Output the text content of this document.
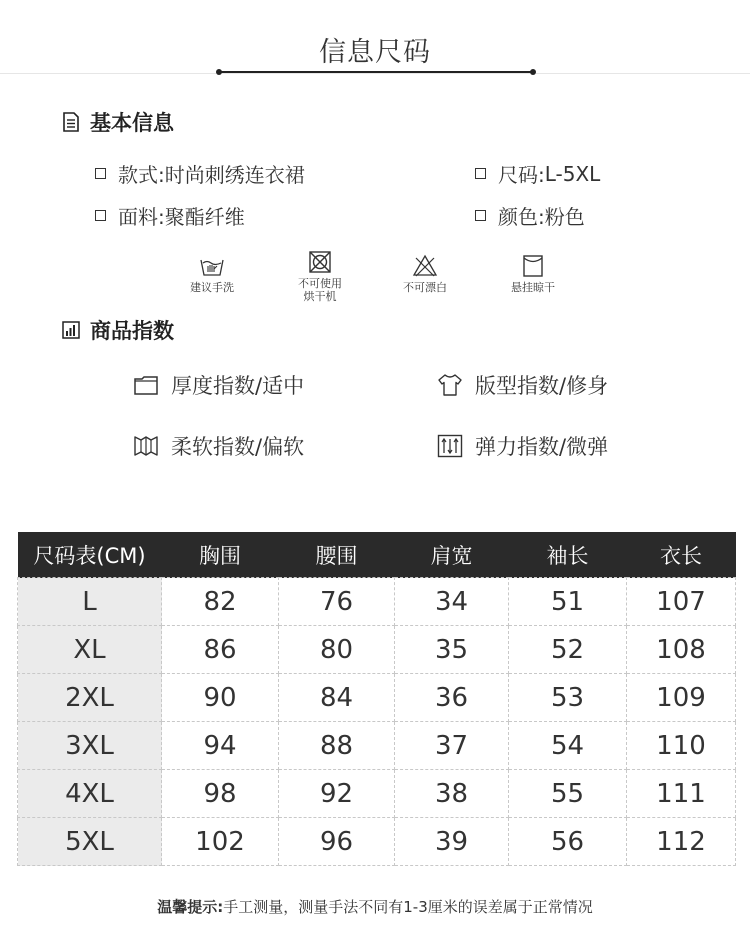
信息尺码
基本信息
款式: 时尚刺绣连衣裙	尺码: L-5XL
面料: 聚酯纤维	颜色: 粉色
建议手洗	不可使用
烘干机
不可漂白	悬挂晾干
商品指数
厚度指数/适中	版型指数/修身
柔软指数/偏软	弹力指数/微弹
尺码表(CM)	胸围	腰围	肩宽	袖长	衣长
L	82	76	34	51	107
XL	86	80	35	52	108
2XL	90	84	36	53	109
3XL	94	88	37	54	110
4XL	98	92	38	55	111
5XL	102	96	39	56	112
温馨提示:手工测量，测量手法不同有1-3厘米的误差属于正常情况
